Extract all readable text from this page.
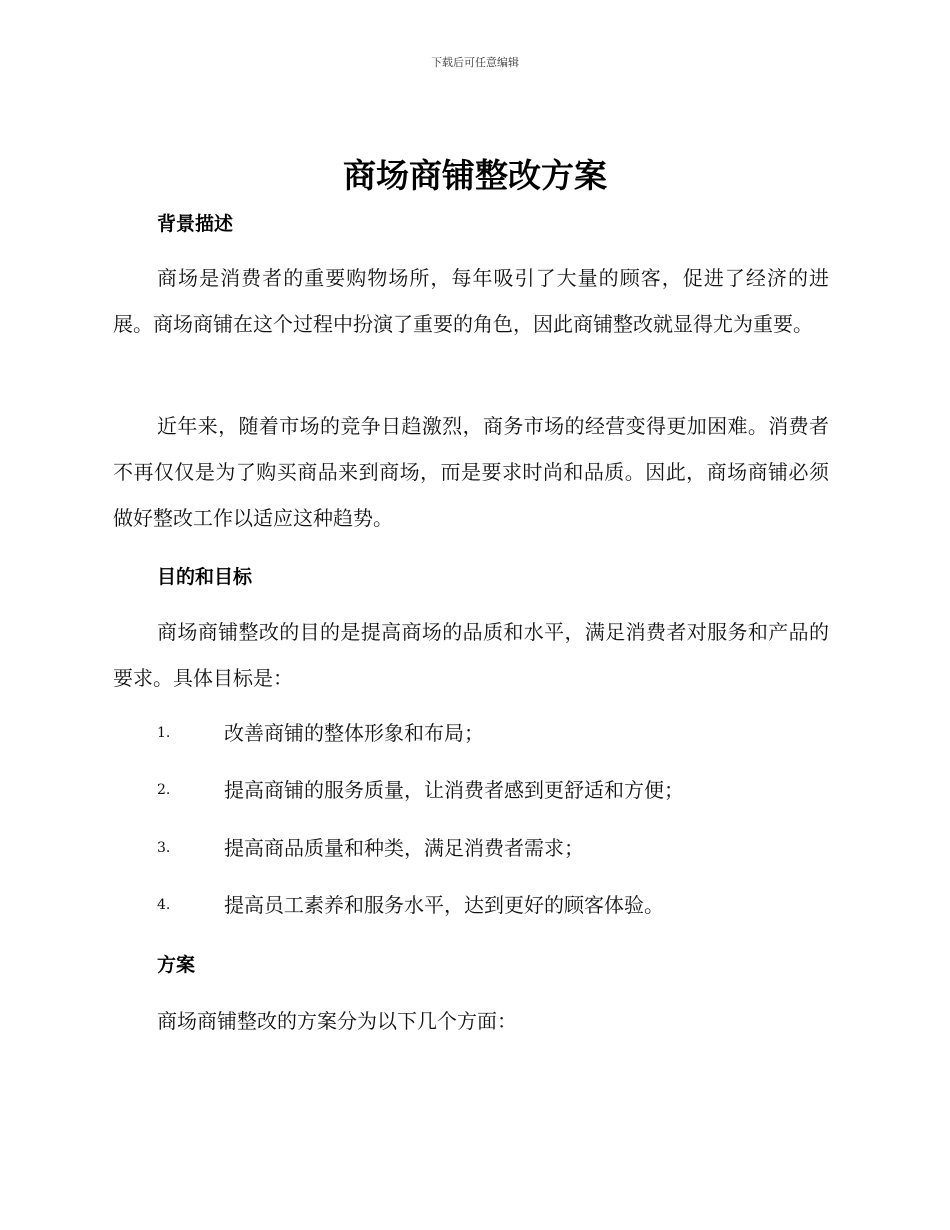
下载后可任意编辑
商场商铺整改方案
背景描述

商场是消费者的重要购物场所，每年吸引了大量的顾客，促进了经济的进展。商场商铺在这个过程中扮演了重要的角色，因此商铺整改就显得尤为重要。

近年来，随着市场的竞争日趋激烈，商务市场的经营变得更加困难。消费者不再仅仅是为了购买商品来到商场，而是要求时尚和品质。因此，商场商铺必须做好整改工作以适应这种趋势。

目的和目标

商场商铺整改的目的是提高商场的品质和水平，满足消费者对服务和产品的要求。具体目标是：

1.	改善商铺的整体形象和布局；
2.	提高商铺的服务质量，让消费者感到更舒适和方便；
3.	提高商品质量和种类，满足消费者需求；
4.	提高员工素养和服务水平，达到更好的顾客体验。
方案

商场商铺整改的方案分为以下几个方面：
